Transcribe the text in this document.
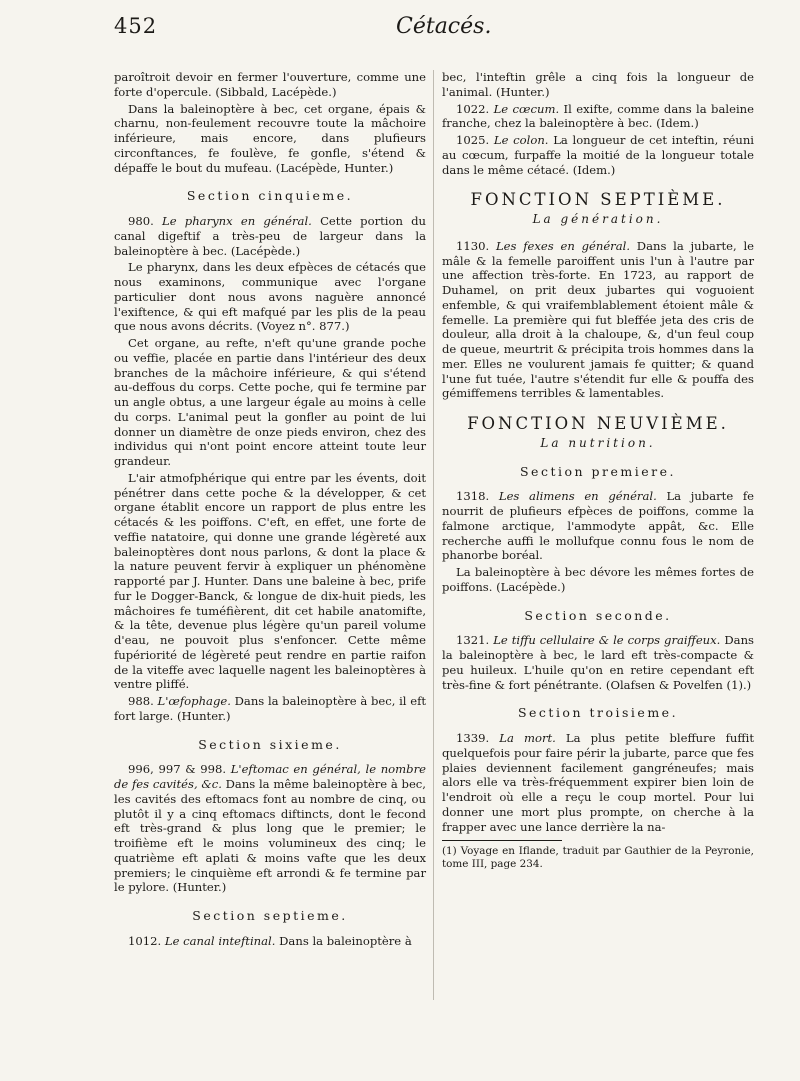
452	Cétacés.

paroîtroit devoir en fermer l'ouverture, comme une forte d'opercule. (Sibbald, Lacépède.)

Dans la baleinoptère à bec, cet organe, épais & charnu, non-feulement recouvre toute la mâchoire inférieure, mais encore, dans plufieurs circonftances, fe foulève, fe gonfle, s'étend & dépaffe le bout du mufeau. (Lacépède, Hunter.)

Section cinquieme.

980. Le pharynx en général. Cette portion du canal digeftif a très-peu de largeur dans la baleinoptère à bec. (Lacépède.)

Le pharynx, dans les deux efpèces de cétacés que nous examinons, communique avec l'organe particulier dont nous avons naguère annoncé l'exiftence, & qui eft mafqué par les plis de la peau que nous avons décrits. (Voyez n°. 877.)

Cet organe, au refte, n'eft qu'une grande poche ou veffie, placée en partie dans l'intérieur des deux branches de la mâchoire inférieure, & qui s'étend au-deffous du corps. Cette poche, qui fe termine par un angle obtus, a une largeur égale au moins à celle du corps. L'animal peut la gonfler au point de lui donner un diamètre de onze pieds environ, chez des individus qui n'ont point encore atteint toute leur grandeur.

L'air atmofphérique qui entre par les évents, doit pénétrer dans cette poche & la développer, & cet organe établit encore un rapport de plus entre les cétacés & les poiffons. C'eft, en effet, une forte de veffie natatoire, qui donne une grande légèreté aux baleinoptères dont nous parlons, & dont la place & la nature peuvent fervir à expliquer un phénomène rapporté par J. Hunter. Dans une baleine à bec, prife fur le Dogger-Banck, & longue de dix-huit pieds, les mâchoires fe tuméfièrent, dit cet habile anatomifte, & la tête, devenue plus légère qu'un pareil volume d'eau, ne pouvoit plus s'enfoncer. Cette même fupériorité de légèreté peut rendre en partie raifon de la viteffe avec laquelle nagent les baleinoptères à ventre pliffé.

988. L'œfophage. Dans la baleinoptère à bec, il eft fort large. (Hunter.)

Section sixieme.

996, 997 & 998. L'eftomac en général, le nombre de fes cavités, &c. Dans la même baleinoptère à bec, les cavités des eftomacs font au nombre de cinq, ou plutôt il y a cinq eftomacs diftincts, dont le fecond eft très-grand & plus long que le premier; le troifième eft le moins volumineux des cinq; le quatrième eft aplati & moins vafte que les deux premiers; le cinquième eft arrondi & fe termine par le pylore. (Hunter.)

Section septieme.

1012. Le canal inteftinal. Dans la baleinoptère à

bec, l'inteftin grêle a cinq fois la longueur de l'animal. (Hunter.)

1022. Le cœcum. Il exifte, comme dans la baleine franche, chez la baleinoptère à bec. (Idem.)

1025. Le colon. La longueur de cet inteftin, réuni au cœcum, furpaffe la moitié de la longueur totale dans le même cétacé. (Idem.)

FONCTION SEPTIÈME.
La génération.

1130. Les fexes en général. Dans la jubarte, le mâle & la femelle paroiffent unis l'un à l'autre par une affection très-forte. En 1723, au rapport de Duhamel, on prit deux jubartes qui voguoient enfemble, & qui vraifemblablement étoient mâle & femelle. La première qui fut bleffée jeta des cris de douleur, alla droit à la chaloupe, &, d'un feul coup de queue, meurtrit & précipita trois hommes dans la mer. Elles ne voulurent jamais fe quitter; & quand l'une fut tuée, l'autre s'étendit fur elle & pouffa des gémiffemens terribles & lamentables.

FONCTION NEUVIÈME.
La nutrition.
Section premiere.

1318. Les alimens en général. La jubarte fe nourrit de plufieurs efpèces de poiffons, comme la falmone arctique, l'ammodyte appât, &c. Elle recherche auffi le mollufque connu fous le nom de phanorbe boréal.

La baleinoptère à bec dévore les mêmes fortes de poiffons. (Lacépède.)

Section seconde.

1321. Le tiffu cellulaire & le corps graiffeux. Dans la baleinoptère à bec, le lard eft très-compacte & peu huileux. L'huile qu'on en retire cependant eft très-fine & fort pénétrante. (Olafsen & Povelfen (1).)

Section troisieme.

1339. La mort. La plus petite bleffure fuffit quelquefois pour faire périr la jubarte, parce que fes plaies deviennent facilement gangréneufes; mais alors elle va très-fréquemment expirer bien loin de l'endroit où elle a reçu le coup mortel. Pour lui donner une mort plus prompte, on cherche à la frapper avec une lance derrière la na-

(1) Voyage en Iflande, traduit par Gauthier de la Peyronie, tome III, page 234.
